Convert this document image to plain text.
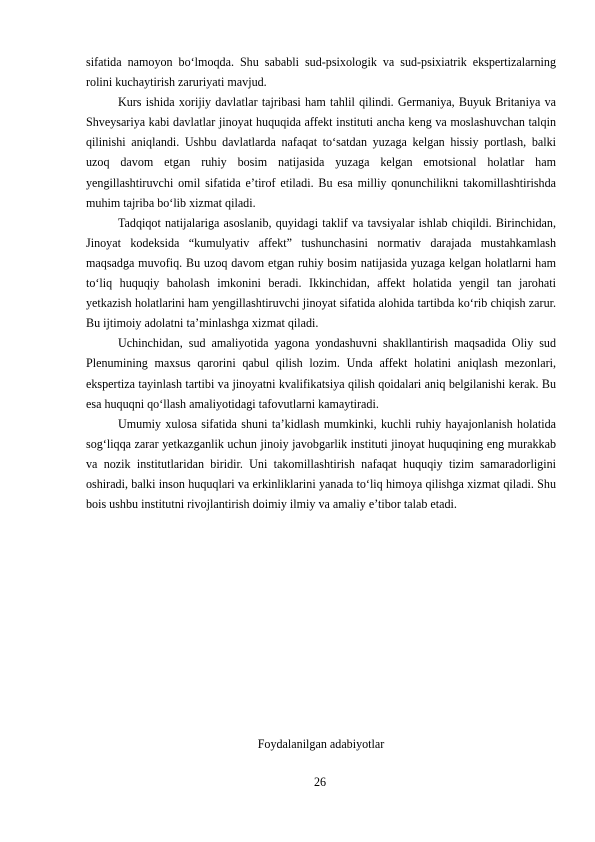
sifatida namoyon bo‘lmoqda. Shu sababli sud-psixologik va sud-psixiatrik ekspertizalarning rolini kuchaytirish zaruriyati mavjud.

Kurs ishida xorijiy davlatlar tajribasi ham tahlil qilindi. Germaniya, Buyuk Britaniya va Shveysariya kabi davlatlar jinoyat huquqida affekt instituti ancha keng va moslashuvchan talqin qilinishi aniqlandi. Ushbu davlatlarda nafaqat to‘satdan yuzaga kelgan hissiy portlash, balki uzoq davom etgan ruhiy bosim natijasida yuzaga kelgan emotsional holatlar ham yengillashtiruvchi omil sifatida e’tirof etiladi. Bu esa milliy qonunchilikni takomillashtirishda muhim tajriba bo‘lib xizmat qiladi.

Tadqiqot natijalariga asoslanib, quyidagi taklif va tavsiyalar ishlab chiqildi. Birinchidan, Jinoyat kodeksida “kumulyativ affekt” tushunchasini normativ darajada mustahkamlash maqsadga muvofiq. Bu uzoq davom etgan ruhiy bosim natijasida yuzaga kelgan holatlarni ham to‘liq huquqiy baholash imkonini beradi. Ikkinchidan, affekt holatida yengil tan jarohati yetkazish holatlarini ham yengillashtiruvchi jinoyat sifatida alohida tartibda ko‘rib chiqish zarur. Bu ijtimoiy adolatni ta’minlashga xizmat qiladi.

Uchinchidan, sud amaliyotida yagona yondashuvni shakllantirish maqsadida Oliy sud Plenumining maxsus qarorini qabul qilish lozim. Unda affekt holatini aniqlash mezonlari, ekspertiza tayinlash tartibi va jinoyatni kvalifikatsiya qilish qoidalari aniq belgilanishi kerak. Bu esa huquqni qo‘llash amaliyotidagi tafovutlarni kamaytiradi.

Umumiy xulosa sifatida shuni ta’kidlash mumkinki, kuchli ruhiy hayajonlanish holatida sog‘liqqa zarar yetkazganlik uchun jinoiy javobgarlik instituti jinoyat huquqining eng murakkab va nozik institutlaridan biridir. Uni takomillashtirish nafaqat huquqiy tizim samaradorligini oshiradi, balki inson huquqlari va erkinliklarini yanada to‘liq himoya qilishga xizmat qiladi. Shu bois ushbu institutni rivojlantirish doimiy ilmiy va amaliy e’tibor talab etadi.

Foydalanilgan adabiyotlar

26
